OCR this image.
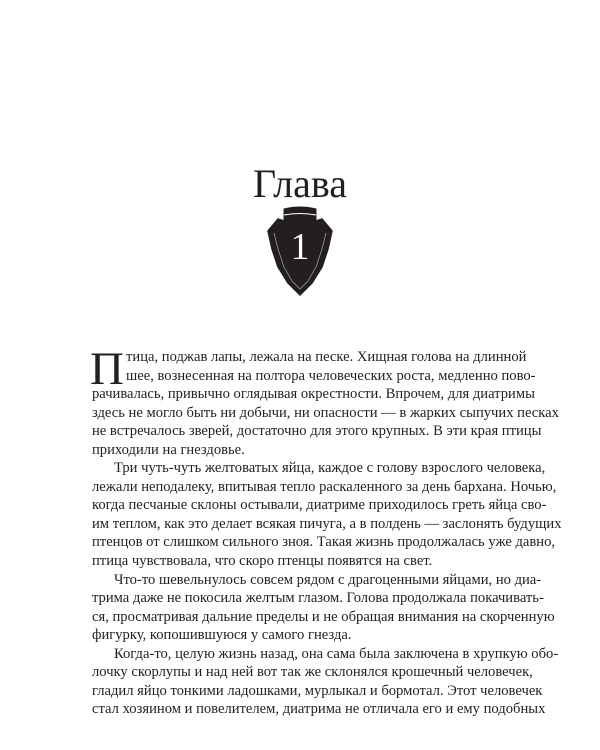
Глава
1
П тица, поджав лапы, лежала на песке. Хищная голова на длинной
шее, вознесенная на полтора человеческих роста, медленно пово-
рачивалась, привычно оглядывая окрестности. Впрочем, для диатримы
здесь не могло быть ни добычи, ни опасности — в жарких сыпучих песках
не встречалось зверей, достаточно для этого крупных. В эти края птицы
приходили на гнездовье.
Три чуть-чуть желтоватых яйца, каждое с голову взрослого человека,
лежали неподалеку, впитывая тепло раскаленного за день бархана. Ночью,
когда песчаные склоны остывали, диатриме приходилось греть яйца сво-
им теплом, как это делает всякая пичуга, а в полдень — заслонять будущих
птенцов от слишком сильного зноя. Такая жизнь продолжалась уже давно,
птица чувствовала, что скоро птенцы появятся на свет.
Что-то шевельнулось совсем рядом с драгоценными яйцами, но диа-
трима даже не покосила желтым глазом. Голова продолжала покачивать-
ся, просматривая дальние пределы и не обращая внимания на скорченную
фигурку, копошившуюся у самого гнезда.
Когда-то, целую жизнь назад, она сама была заключена в хрупкую обо-
лочку скорлупы и над ней вот так же склонялся крошечный человечек,
гладил яйцо тонкими ладошками, мурлыкал и бормотал. Этот человечек
стал хозяином и повелителем, диатрима не отличала его и ему подобных
